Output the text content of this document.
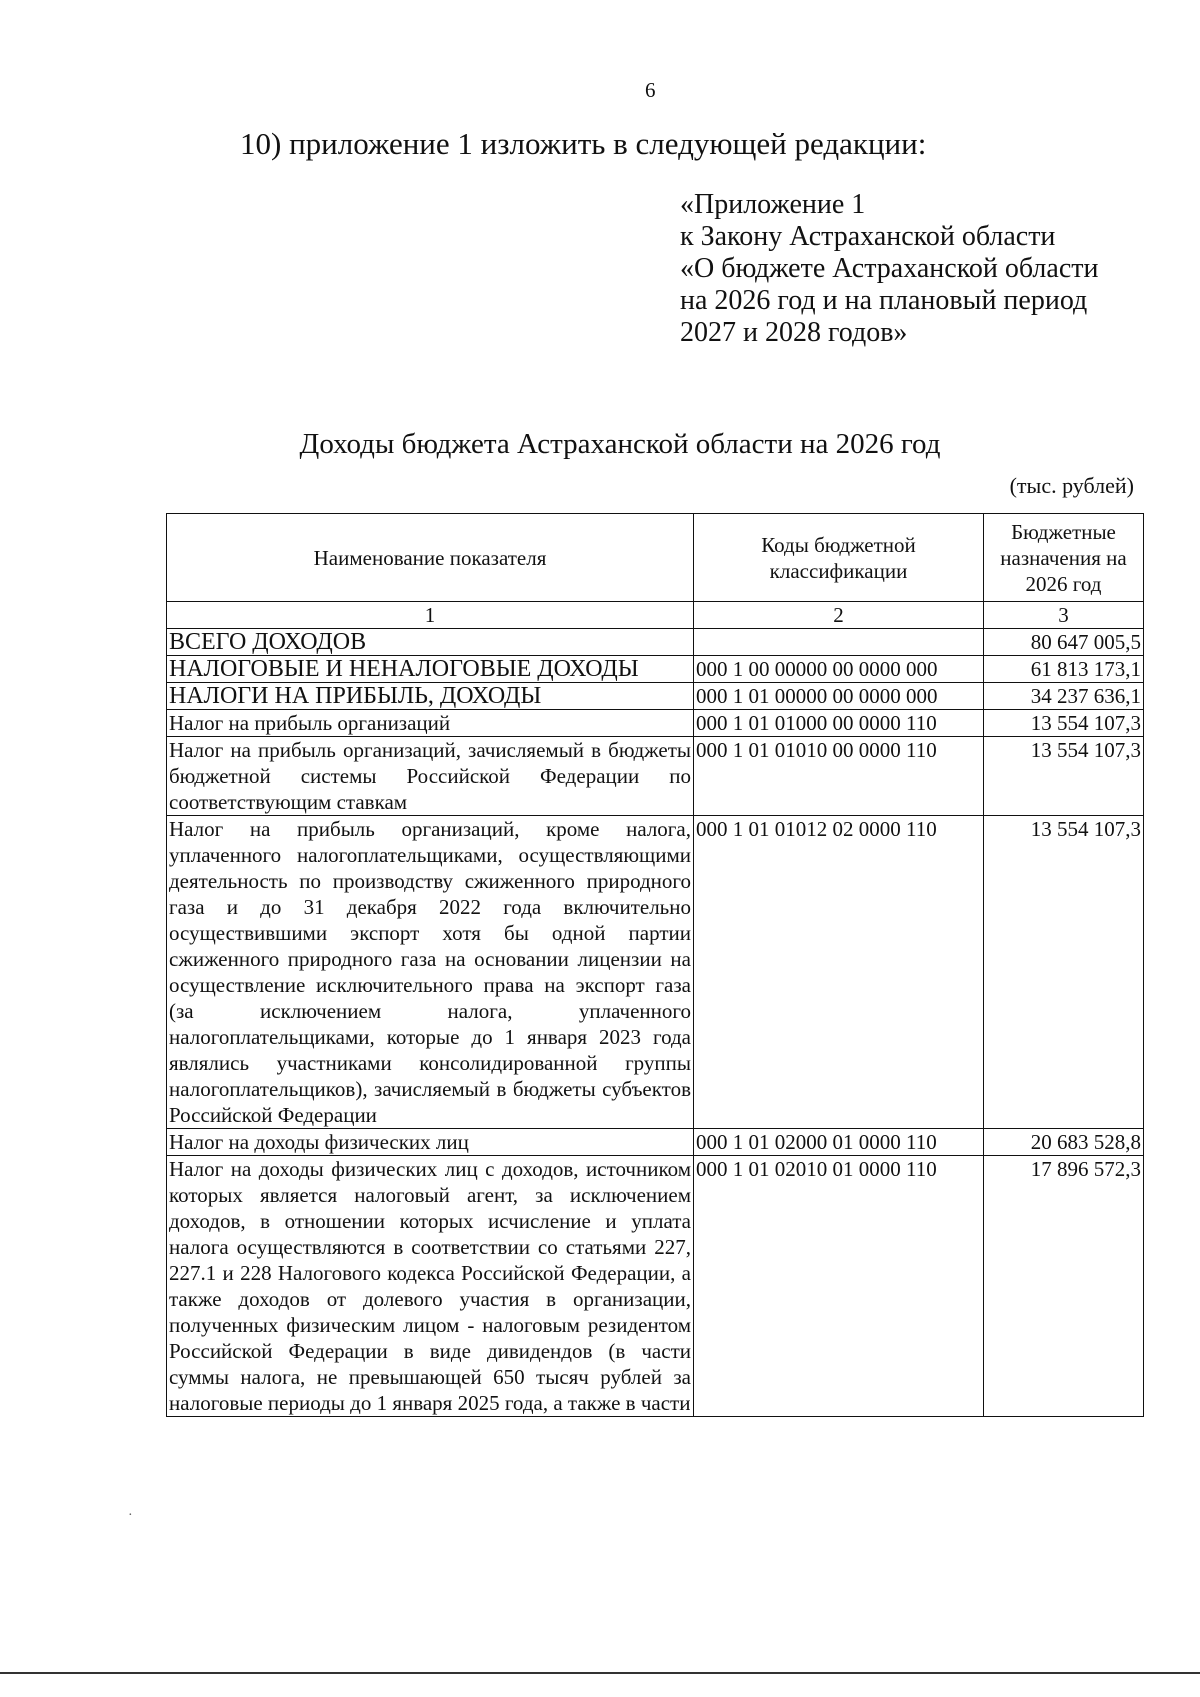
6
10) приложение 1 изложить в следующей редакции:
«Приложение 1
к Закону Астраханской области
«О бюджете Астраханской области
на 2026 год и на плановый период
2027 и 2028 годов»
Доходы бюджета Астраханской области на 2026 год
(тыс. рублей)
Наименование показателя	Коды бюджетной классификации	Бюджетные назначения на 2026 год
1	2	3
ВСЕГО ДОХОДОВ		80 647 005,5
НАЛОГОВЫЕ И НЕНАЛОГОВЫЕ ДОХОДЫ	000 1 00 00000 00 0000 000	61 813 173,1
НАЛОГИ НА ПРИБЫЛЬ, ДОХОДЫ	000 1 01 00000 00 0000 000	34 237 636,1
Налог на прибыль организаций	000 1 01 01000 00 0000 110	13 554 107,3
Налог на прибыль организаций, зачисляемый в бюджеты бюджетной системы Российской Федерации по соответствующим ставкам	000 1 01 01010 00 0000 110	13 554 107,3
Налог на прибыль организаций, кроме налога, уплаченного налогоплательщиками, осуществляющими деятельность по производству сжиженного природного газа и до 31 декабря 2022 года включительно осуществившими экспорт хотя бы одной партии сжиженного природного газа на основании лицензии на осуществление исключительного права на экспорт газа (за исключением налога, уплаченного налогоплательщиками, которые до 1 января 2023 года являлись участниками консолидированной группы налогоплательщиков), зачисляемый в бюджеты субъектов Российской Федерации	000 1 01 01012 02 0000 110	13 554 107,3
Налог на доходы физических лиц	000 1 01 02000 01 0000 110	20 683 528,8
Налог на доходы физических лиц с доходов, источником которых является налоговый агент, за исключением доходов, в отношении которых исчисление и уплата налога осуществляются в соответствии со статьями 227, 227.1 и 228 Налогового кодекса Российской Федерации, а также доходов от долевого участия в организации, полученных физическим лицом - налоговым резидентом Российской Федерации в виде дивидендов (в части суммы налога, не превышающей 650 тысяч рублей за налоговые периоды до 1 января 2025 года, а также в части	000 1 01 02010 01 0000 110	17 896 572,3
·
